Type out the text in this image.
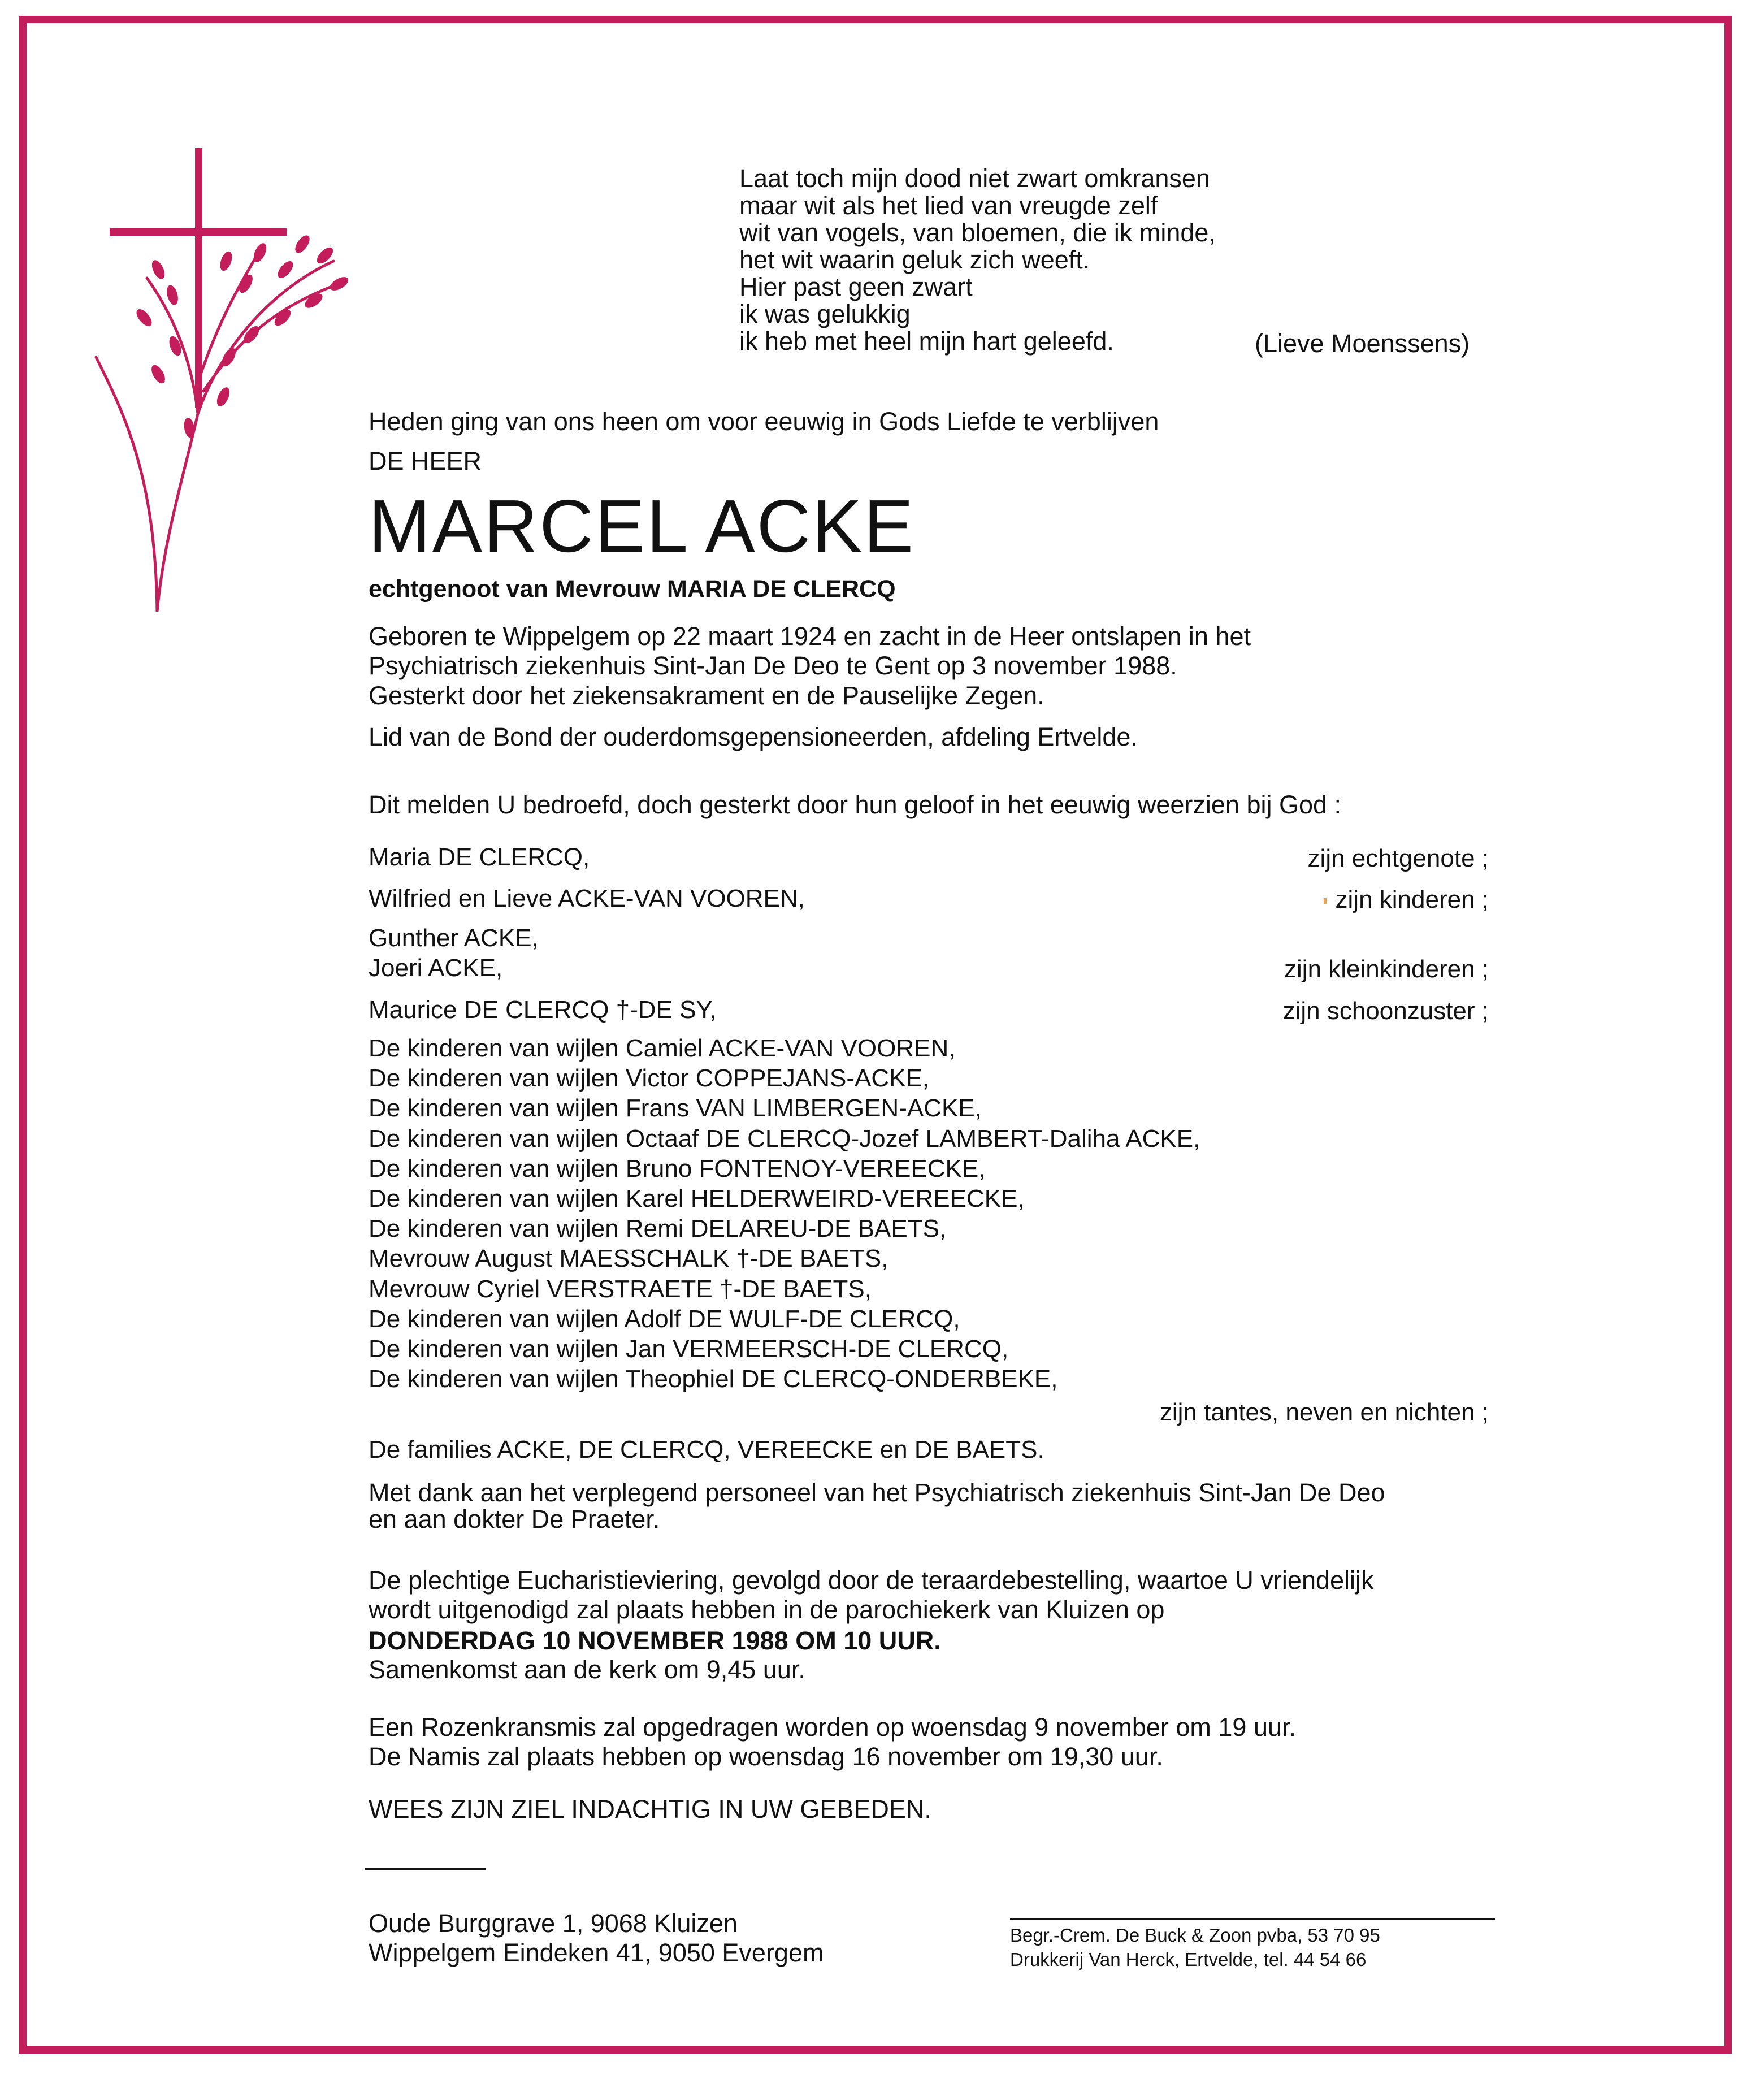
Laat toch mijn dood niet zwart omkransen
maar wit als het lied van vreugde zelf
wit van vogels, van bloemen, die ik minde,
het wit waarin geluk zich weeft.
Hier past geen zwart
ik was gelukkig
ik heb met heel mijn hart geleefd.	(Lieve Moenssens)
Heden ging van ons heen om voor eeuwig in Gods Liefde te verblijven
DE HEER
MARCEL ACKE
echtgenoot van Mevrouw MARIA DE CLERCQ
Geboren te Wippelgem op 22 maart 1924 en zacht in de Heer ontslapen in het
Psychiatrisch ziekenhuis Sint-Jan De Deo te Gent op 3 november 1988.
Gesterkt door het ziekensakrament en de Pauselijke Zegen.
Lid van de Bond der ouderdomsgepensioneerden, afdeling Ertvelde.
Dit melden U bedroefd, doch gesterkt door hun geloof in het eeuwig weerzien bij God :
Maria DE CLERCQ,	zijn echtgenote ;
Wilfried en Lieve ACKE-VAN VOOREN,	zijn kinderen ;
Gunther ACKE,
Joeri ACKE,	zijn kleinkinderen ;
Maurice DE CLERCQ †-DE SY,	zijn schoonzuster ;
De kinderen van wijlen Camiel ACKE-VAN VOOREN,
De kinderen van wijlen Victor COPPEJANS-ACKE,
De kinderen van wijlen Frans VAN LIMBERGEN-ACKE,
De kinderen van wijlen Octaaf DE CLERCQ-Jozef LAMBERT-Daliha ACKE,
De kinderen van wijlen Bruno FONTENOY-VEREECKE,
De kinderen van wijlen Karel HELDERWEIRD-VEREECKE,
De kinderen van wijlen Remi DELAREU-DE BAETS,
Mevrouw August MAESSCHALK †-DE BAETS,
Mevrouw Cyriel VERSTRAETE †-DE BAETS,
De kinderen van wijlen Adolf DE WULF-DE CLERCQ,
De kinderen van wijlen Jan VERMEERSCH-DE CLERCQ,
De kinderen van wijlen Theophiel DE CLERCQ-ONDERBEKE,
zijn tantes, neven en nichten ;
De families ACKE, DE CLERCQ, VEREECKE en DE BAETS.
Met dank aan het verplegend personeel van het Psychiatrisch ziekenhuis Sint-Jan De Deo
en aan dokter De Praeter.
De plechtige Eucharistieviering, gevolgd door de teraardebestelling, waartoe U vriendelijk
wordt uitgenodigd zal plaats hebben in de parochiekerk van Kluizen op
DONDERDAG 10 NOVEMBER 1988 OM 10 UUR.
Samenkomst aan de kerk om 9,45 uur.
Een Rozenkransmis zal opgedragen worden op woensdag 9 november om 19 uur.
De Namis zal plaats hebben op woensdag 16 november om 19,30 uur.
WEES ZIJN ZIEL INDACHTIG IN UW GEBEDEN.
Oude Burggrave 1, 9068 Kluizen
Wippelgem Eindeken 41, 9050 Evergem
Begr.-Crem. De Buck & Zoon pvba, 53 70 95
Drukkerij Van Herck, Ertvelde, tel. 44 54 66
